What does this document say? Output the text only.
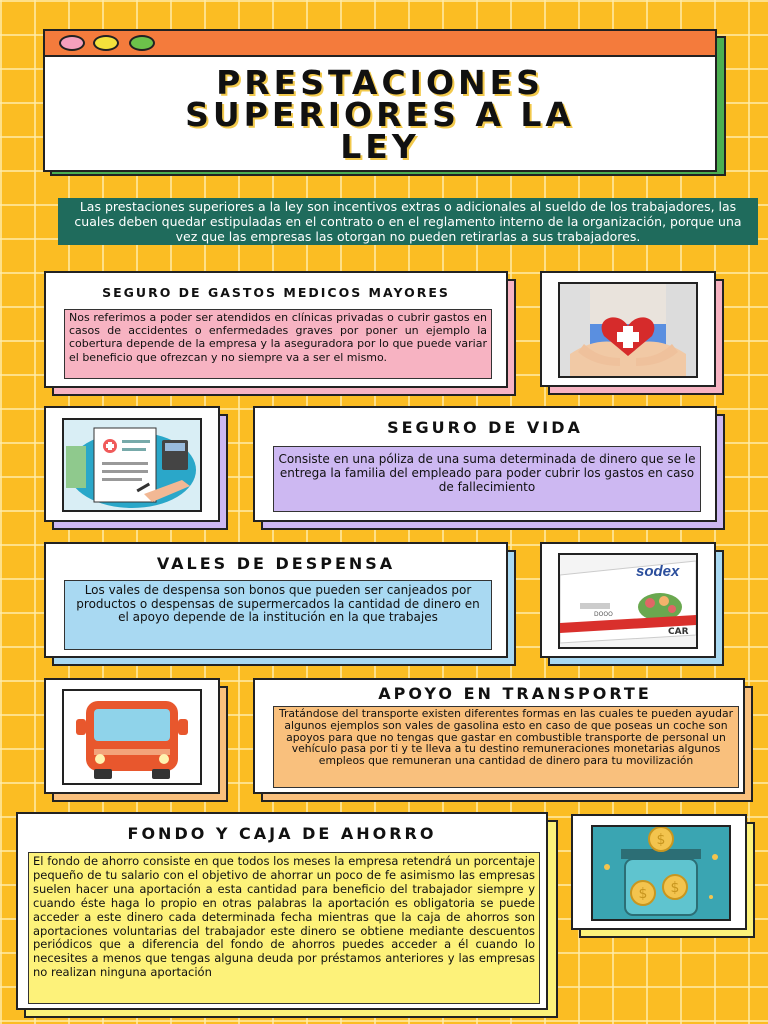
PRESTACIONES
SUPERIORES A LA
LEY
Las prestaciones superiores a la ley son incentivos extras o adicionales al sueldo de los trabajadores, las cuales deben quedar estipuladas en el contrato o en el reglamento interno de la organización, porque una vez que las empresas las otorgan no pueden retirarlas a sus trabajadores.
SEGURO DE GASTOS MEDICOS MAYORES
Nos referimos a poder ser atendidos en clínicas privadas o cubrir gastos en casos de accidentes o enfermedades graves por poner un ejemplo la cobertura depende de la empresa y la aseguradora por lo que puede variar el beneficio que ofrezcan y no siempre va a ser el mismo.
SEGURO DE VIDA
Consiste en una póliza de una suma determinada de dinero que se le entrega la familia del empleado para poder cubrir los gastos en caso de fallecimiento
VALES DE DESPENSA
Los vales de despensa son bonos que pueden ser canjeados por productos o despensas de supermercados la cantidad de dinero en el apoyo depende de la institución en la que trabajes
sodex
DOOO
CAR
APOYO EN TRANSPORTE
Tratándose del transporte existen diferentes formas en las cuales te pueden ayudar algunos ejemplos son vales de gasolina esto en caso de que poseas un coche son apoyos para que no tengas que gastar en combustible transporte de personal un vehículo pasa por ti y te lleva a tu destino remuneraciones monetarias algunos empleos que remuneran una cantidad de dinero para tu movilización
FONDO Y CAJA DE AHORRO
El fondo de ahorro consiste en que todos los meses la empresa retendrá un porcentaje pequeño de tu salario con el objetivo de ahorrar un poco de fe asimismo las empresas suelen hacer una aportación a esta cantidad para beneficio del trabajador siempre y cuando éste haga lo propio en otras palabras la aportación es obligatoria se puede acceder a este dinero cada determinada fecha mientras que la caja de ahorros son aportaciones voluntarias del trabajador este dinero se obtiene mediante descuentos periódicos que a diferencia del fondo de ahorros puedes acceder a él cuando lo necesites a menos que tengas alguna deuda por préstamos anteriores y las empresas no realizan ninguna aportación
$
$ $
